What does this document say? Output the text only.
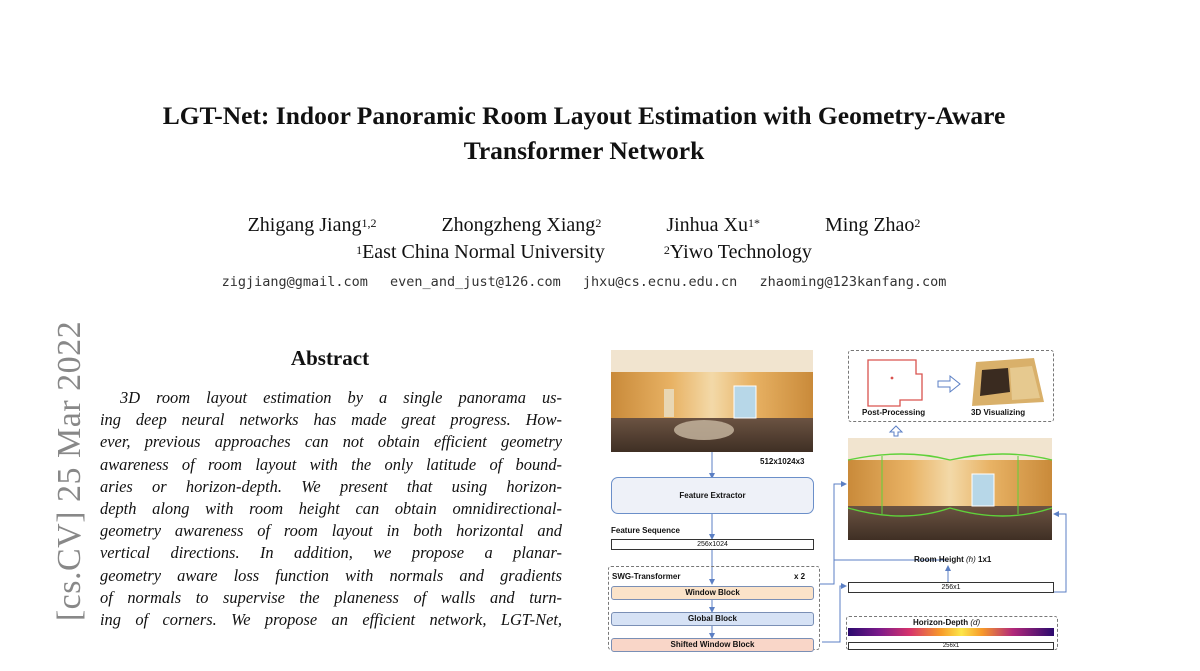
LGT-Net: Indoor Panoramic Room Layout Estimation with Geometry-Aware
Transformer Network
Zhigang Jiang$^{1,2}$	Zhongzheng Xiang$^2$	Jinhua $Xu^{1*}$	Ming Zhao$^2$
$^1$East China Normal University	$^2$Yiwo Technology
zigjiang@gmail.com even_and_just@126.com jhxu@cs.ecnu.edu.cn zhaoming@123kanfang.com
[cs.CV] 25 Mar 2022	Abstract
3D room layout estimation by a single panorama us-
ing deep neural networks has made great progress. How-
ever, previous approaches can not obtain efficient geometry
awareness of room layout with the only latitude of bound-
aries or horizon-depth. We present that using horizon-
depth along with room height can obtain omnidirectional-
geometry awareness of room layout in both horizontal and
vertical directions. In addition, we propose a planar-
geometry aware loss function with normals and gradients
of normals to supervise the planeness of walls and turn-
ing of corners. We propose an efficient network, LGT-Net,
Post-Processing	3D Visualizing
512x1024x3
Feature Extractor
Feature Sequence
256x1024
SWG-Transformer	x 2
Window Block
Global Block
Shifted Window Block
Room Height (h) 1x1
256x1
Horizon-Depth (d)
256x1
